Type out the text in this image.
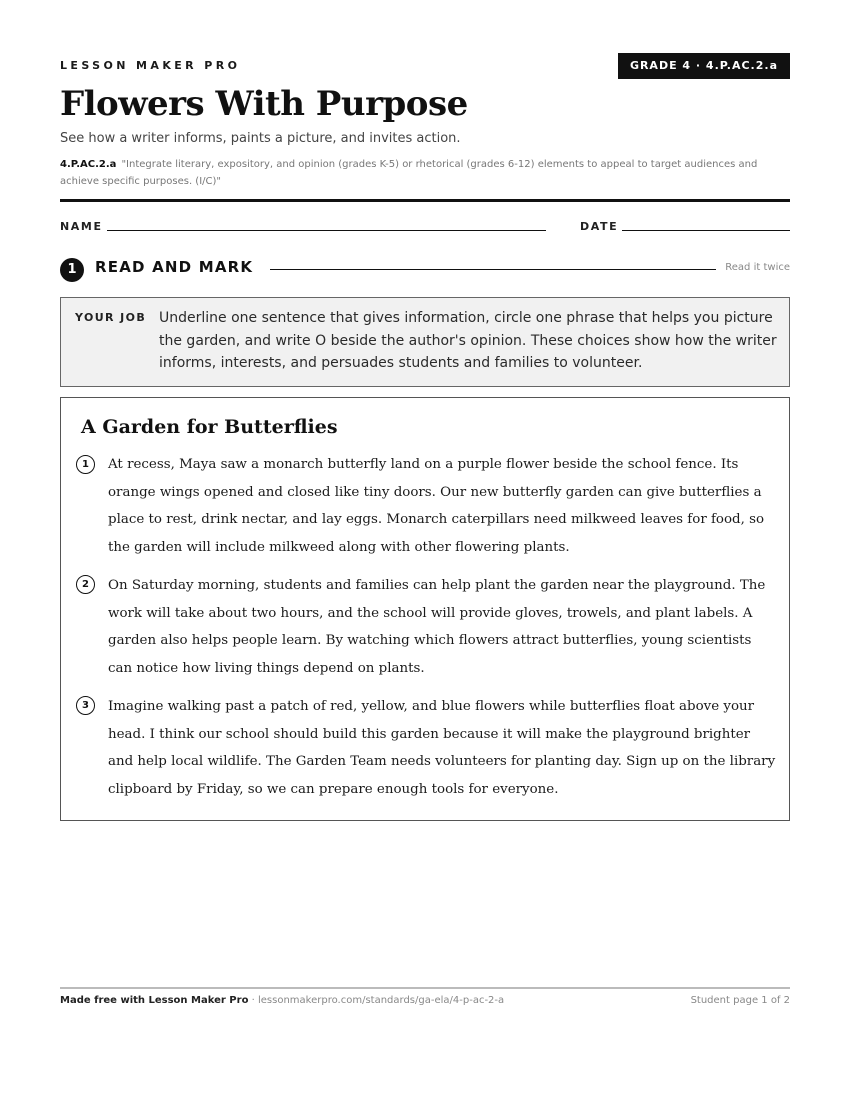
LESSON MAKER PRO	GRADE 4 · 4.P.AC.2.a
Flowers With Purpose
See how a writer informs, paints a picture, and invites action.
4.P.AC.2.a "Integrate literary, expository, and opinion (grades K-5) or rhetorical (grades 6-12) elements to appeal to target audiences and achieve specific purposes. (I/C)"
NAME	DATE
1	READ AND MARK	Read it twice
YOUR JOB Underline one sentence that gives information, circle one phrase that helps you picture the garden, and write O beside the author's opinion. These choices show how the writer informs, interests, and persuades students and families to volunteer.
A Garden for Butterflies
1	At recess, Maya saw a monarch butterfly land on a purple flower beside the school fence. Its orange wings opened and closed like tiny doors. Our new butterfly garden can give butterflies a place to rest, drink nectar, and lay eggs. Monarch caterpillars need milkweed leaves for food, so the garden will include milkweed along with other flowering plants.
2	On Saturday morning, students and families can help plant the garden near the playground. The work will take about two hours, and the school will provide gloves, trowels, and plant labels. A garden also helps people learn. By watching which flowers attract butterflies, young scientists can notice how living things depend on plants.
3	Imagine walking past a patch of red, yellow, and blue flowers while butterflies float above your head. I think our school should build this garden because it will make the playground brighter and help local wildlife. The Garden Team needs volunteers for planting day. Sign up on the library clipboard by Friday, so we can prepare enough tools for everyone.
Made free with Lesson Maker Pro · lessonmakerpro.com/standards/ga-ela/4-p-ac-2-a	Student page 1 of 2
